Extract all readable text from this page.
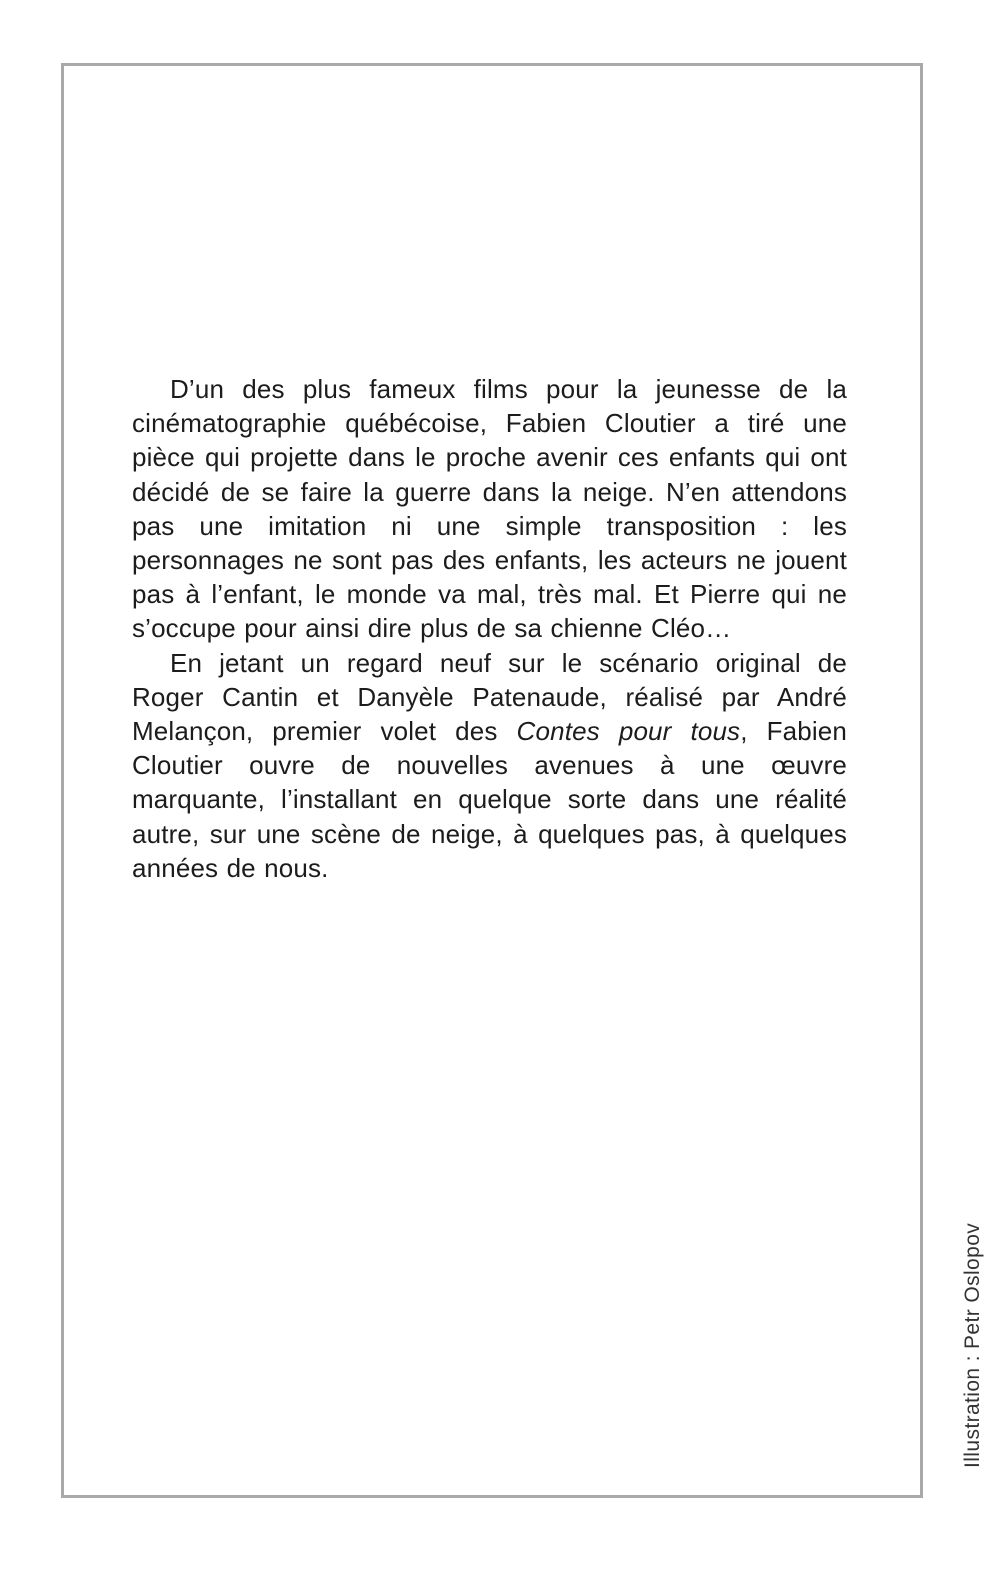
D’un des plus fameux films pour la jeunesse de la cinématographie québécoise, Fabien Cloutier a tiré une pièce qui projette dans le proche avenir ces enfants qui ont décidé de se faire la guerre dans la neige. N’en attendons pas une imitation ni une simple transposition : les personnages ne sont pas des enfants, les acteurs ne jouent pas à l’enfant, le monde va mal, très mal. Et Pierre qui ne s’occupe pour ainsi dire plus de sa chienne Cléo…

En jetant un regard neuf sur le scénario original de Roger Cantin et Danyèle Patenaude, réalisé par André Melançon, premier volet des Contes pour tous, Fabien Cloutier ouvre de nouvelles avenues à une œuvre marquante, l’installant en quelque sorte dans une réalité autre, sur une scène de neige, à quelques pas, à quelques années de nous.

Illustration :Petr Oslopov
